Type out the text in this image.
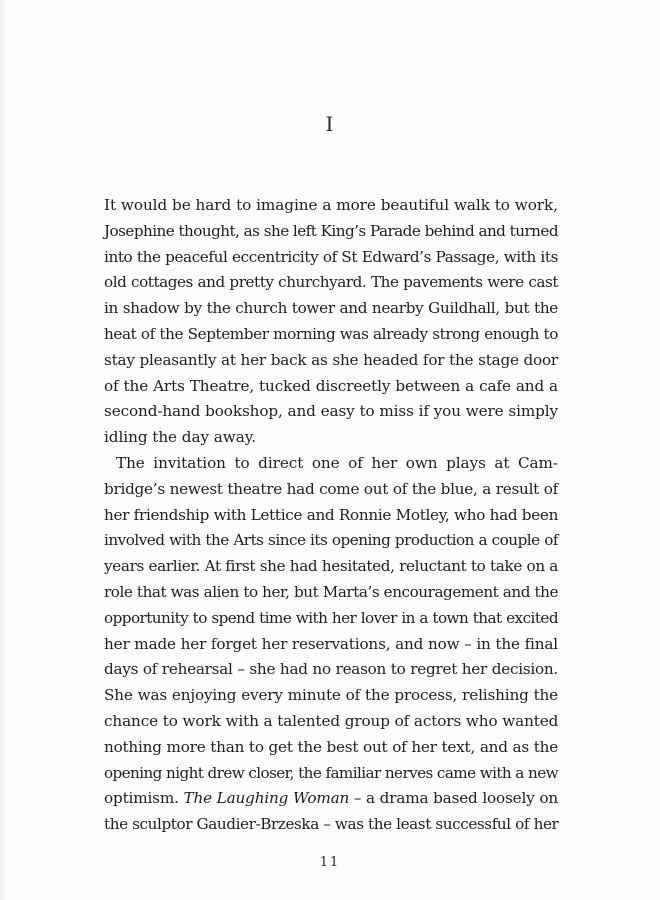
I

It would be hard to imagine a more beautiful walk to work,
Josephine thought, as she left King’s Parade behind and turned
into the peaceful eccentricity of St Edward’s Passage, with its
old cottages and pretty churchyard. The pavements were cast
in shadow by the church tower and nearby Guildhall, but the
heat of the September morning was already strong enough to
stay pleasantly at her back as she headed for the stage door
of the Arts Theatre, tucked discreetly between a cafe and a
second-hand bookshop, and easy to miss if you were simply
idling the day away.

The invitation to direct one of her own plays at Cam-
bridge’s newest theatre had come out of the blue, a result of
her friendship with Lettice and Ronnie Motley, who had been
involved with the Arts since its opening production a couple of
years earlier. At first she had hesitated, reluctant to take on a
role that was alien to her, but Marta’s encouragement and the
opportunity to spend time with her lover in a town that excited
her made her forget her reservations, and now – in the final
days of rehearsal – she had no reason to regret her decision.
She was enjoying every minute of the process, relishing the
chance to work with a talented group of actors who wanted
nothing more than to get the best out of her text, and as the
opening night drew closer, the familiar nerves came with a new
optimism. The Laughing Woman – a drama based loosely on
the sculptor Gaudier-Brzeska – was the least successful of her

11
